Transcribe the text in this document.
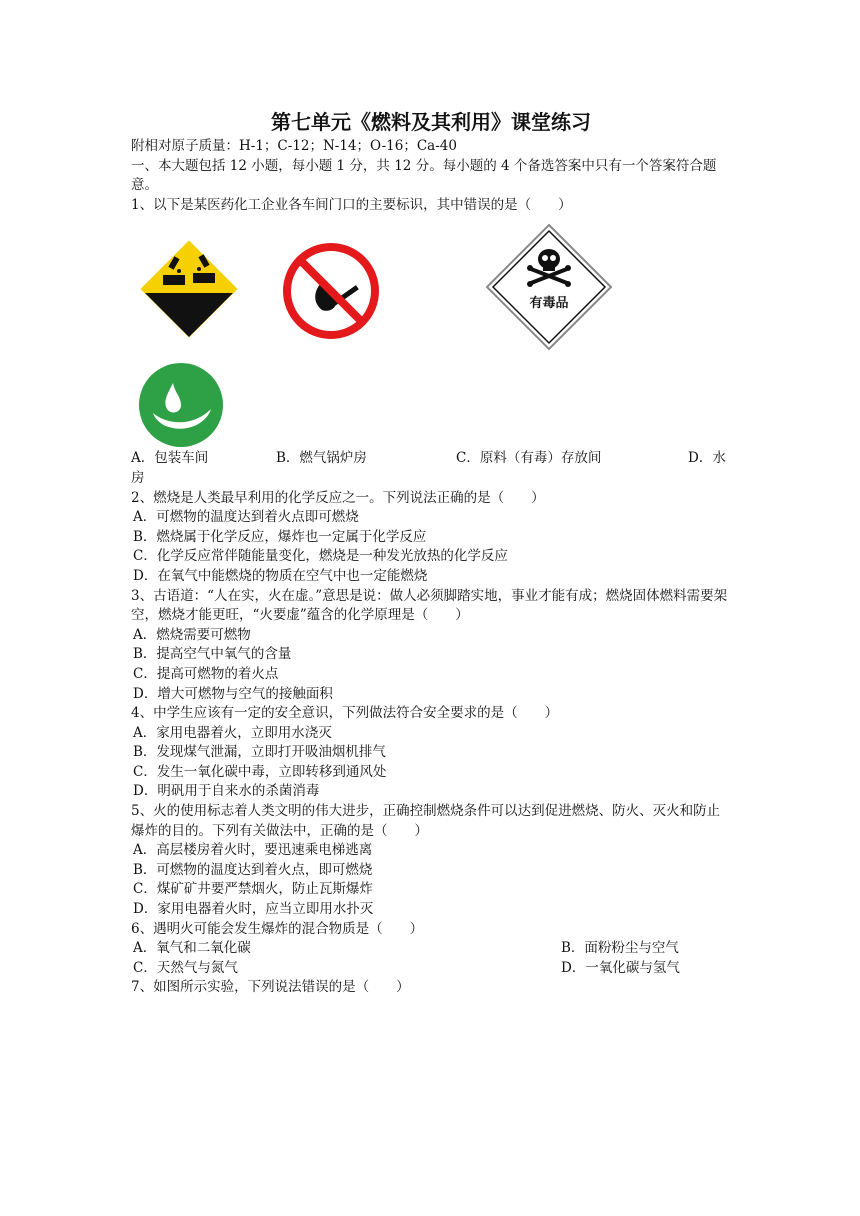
第七单元《燃料及其利用》课堂练习
附相对原子质量：H-1；C-12；N-14；O-16；Ca-40
一、本大题包括 12 小题，每小题 1 分，共 12 分。每小题的 4 个备选答案中只有一个答案符合题意。
1、以下是某医药化工企业各车间门口的主要标识，其中错误的是（　　）
有毒品
A．包装车间	B．燃气锅炉房	C．原料（有毒）存放间	D．水
房
2、燃烧是人类最早利用的化学反应之一。下列说法正确的是（　　）
A．可燃物的温度达到着火点即可燃烧
B．燃烧属于化学反应，爆炸也一定属于化学反应
C．化学反应常伴随能量变化，燃烧是一种发光放热的化学反应
D．在氧气中能燃烧的物质在空气中也一定能燃烧
3、古语道：“人在实，火在虚。”意思是说：做人必须脚踏实地，事业才能有成；燃烧固体燃料需要架空，燃烧才能更旺，“火要虚”蕴含的化学原理是（　　）
A．燃烧需要可燃物
B．提高空气中氧气的含量
C．提高可燃物的着火点
D．增大可燃物与空气的接触面积
4、中学生应该有一定的安全意识，下列做法符合安全要求的是（　　）
A．家用电器着火，立即用水浇灭
B．发现煤气泄漏，立即打开吸油烟机排气
C．发生一氧化碳中毒，立即转移到通风处
D．明矾用于自来水的杀菌消毒
5、火的使用标志着人类文明的伟大进步，正确控制燃烧条件可以达到促进燃烧、防火、灭火和防止爆炸的目的。下列有关做法中，正确的是（　　）
A．高层楼房着火时，要迅速乘电梯逃离
B．可燃物的温度达到着火点，即可燃烧
C．煤矿矿井要严禁烟火，防止瓦斯爆炸
D．家用电器着火时，应当立即用水扑灭
6、遇明火可能会发生爆炸的混合物质是（　　）
A．氧气和二氧化碳	B．面粉粉尘与空气
C．天然气与氮气	D．一氧化碳与氢气
7、如图所示实验，下列说法错误的是（　　）
